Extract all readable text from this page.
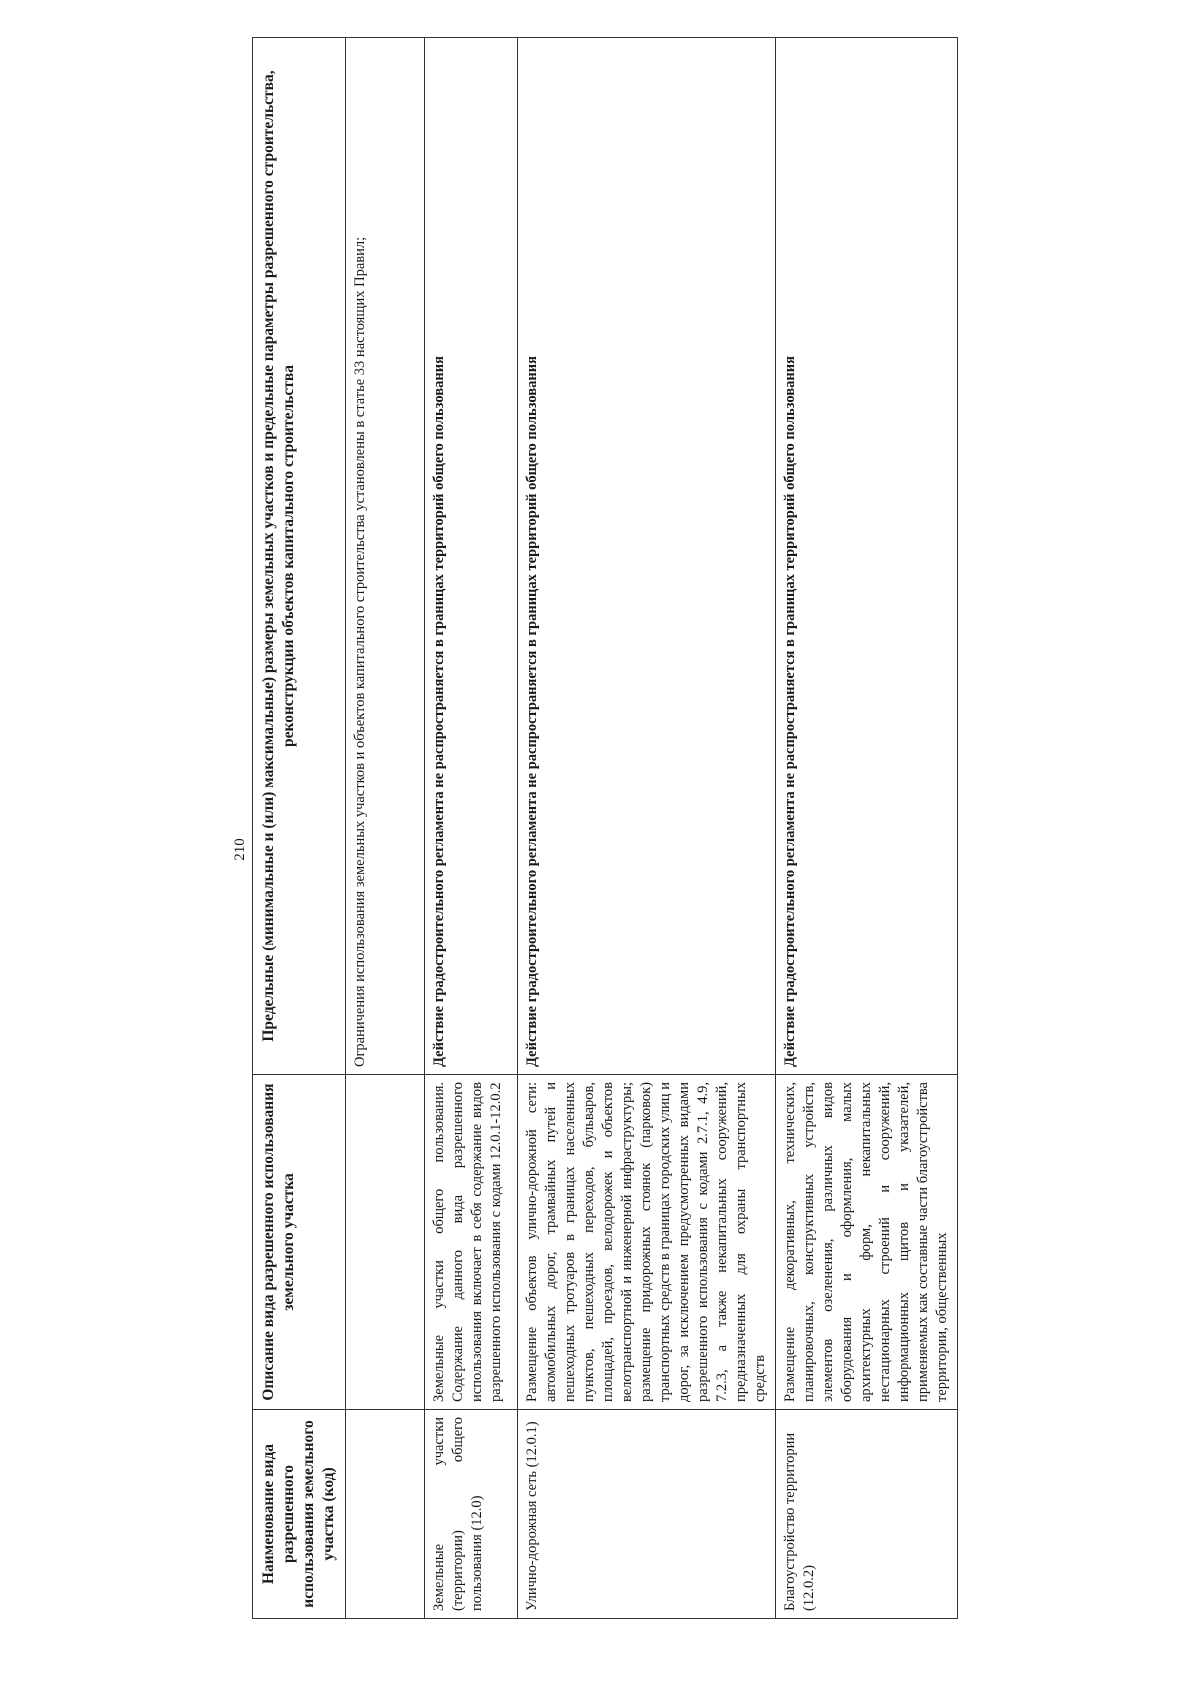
210
Наименование вида разрешенного использования земельного участка (код)	Описание вида разрешенного использования земельного участка	Предельные (минимальные и (или) максимальные) размеры земельных участков и предельные параметры разрешенного строительства, реконструкции объектов капитального строительства
		Ограничения использования земельных участков и объектов капитального строительства установлены в статье 33 настоящих Правил;
Земельные участки (территории) общего пользования (12.0)	Земельные участки общего пользования. Содержание данного вида разрешенного использования включает в себя содержание видов разрешенного использования с кодами 12.0.1-12.0.2	Действие градостроительного регламента не распространяется в границах территорий общего пользования
Улично-дорожная сеть (12.0.1)	Размещение объектов улично-дорожной сети: автомобильных дорог, трамвайных путей и пешеходных тротуаров в границах населенных пунктов, пешеходных переходов, бульваров, площадей, проездов, велодорожек и объектов велотранспортной и инженерной инфраструктуры; размещение придорожных стоянок (парковок) транспортных средств в границах городских улиц и дорог, за исключением предусмотренных видами разрешенного использования с кодами 2.7.1, 4.9, 7.2.3, а также некапитальных сооружений, предназначенных для охраны транспортных средств	Действие градостроительного регламента не распространяется в границах территорий общего пользования

Благоустройство территории (12.0.2)	Размещение декоративных, технических, планировочных, конструктивных устройств, элементов озеленения, различных видов оборудования и оформления, малых архитектурных форм, некапитальных нестационарных строений и сооружений, информационных щитов и указателей, применяемых как составные части благоустройства территории, общественных	Действие градостроительного регламента не распространяется в границах территорий общего пользования
